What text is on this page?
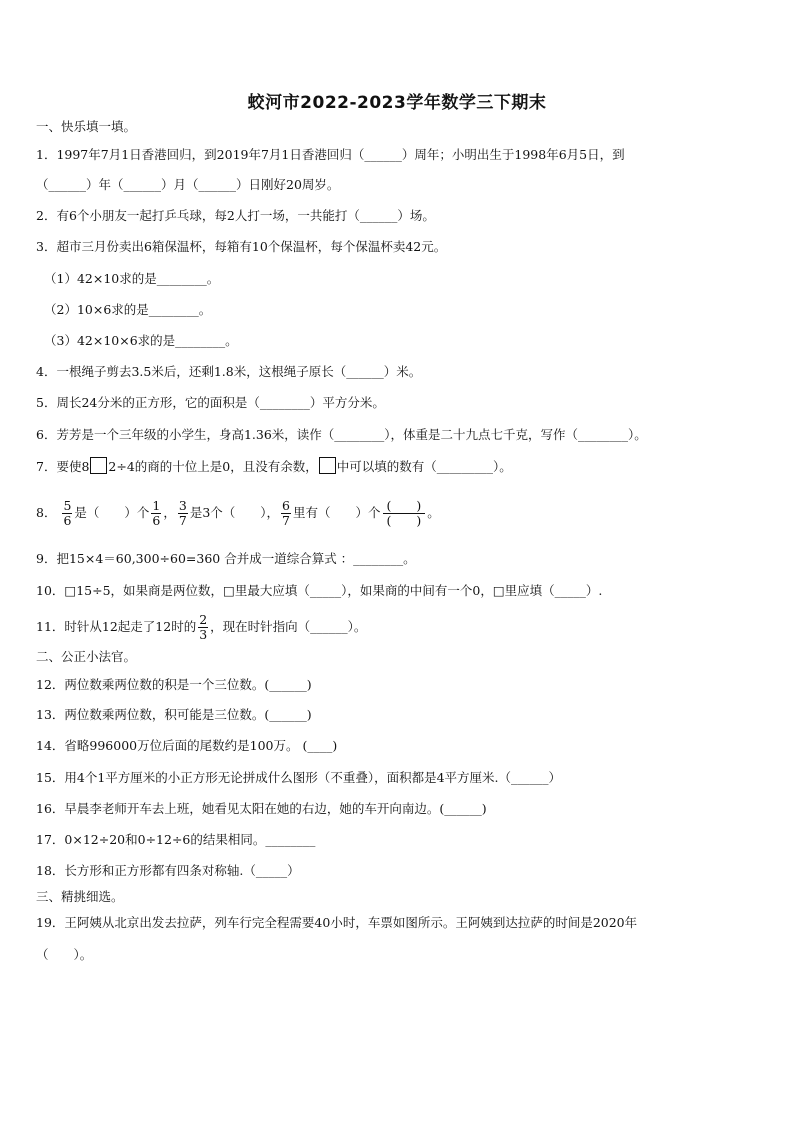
蛟河市2022-2023学年数学三下期末
一、快乐填一填。
1．1997年7月1日香港回归，到2019年7月1日香港回归（______）周年；小明出生于1998年6月5日，到
（______）年（______）月（______）日刚好20周岁。
2．有6个小朋友一起打乒乓球，每2人打一场，一共能打（______）场。
3．超市三月份卖出6箱保温杯，每箱有10个保温杯，每个保温杯卖42元。
（1）42×10求的是________。
（2）10×6求的是________。
（3）42×10×6求的是________。
4．一根绳子剪去3.5米后，还剩1.8米，这根绳子原长（______）米。
5．周长24分米的正方形，它的面积是（________）平方分米。
6．芳芳是一个三年级的小学生，身高1.36米，读作（________），体重是二十九点七千克，写作（________）。
7．要使8 2÷4的商的十位上是0，且没有余数， 中可以填的数有（_________）。
8． $\frac{5}{6}$ 是（　　）个 $\frac{1}{6}$ ， $\frac{3}{7}$ 是3个（　　）， $\frac{6}{7}$ 里有（　　）个 $\frac{( )}{( )}$ 。
9．把15×4＝60,300÷60=360 合并成一道综合算式 ：________。
10．□15÷5，如果商是两位数，□里最大应填（_____），如果商的中间有一个0，□里应填（_____）.
11．时针从12起走了12时的 $\frac{2}{3}$ ，现在时针指向（______）。
二、公正小法官。
12．两位数乘两位数的积是一个三位数。(______)
13．两位数乘两位数，积可能是三位数。(______)
14．省略996000万位后面的尾数约是100万。 (____)
15．用4个1平方厘米的小正方形无论拼成什么图形（不重叠），面积都是4平方厘米.（______）
16．早晨李老师开车去上班，她看见太阳在她的右边，她的车开向南边。(______)
17．0×12÷20和0÷12÷6的结果相同。________
18．长方形和正方形都有四条对称轴.（_____）
三、精挑细选。
19．王阿姨从北京出发去拉萨，列车行完全程需要40小时，车票如图所示。王阿姨到达拉萨的时间是2020年
（　　）。
